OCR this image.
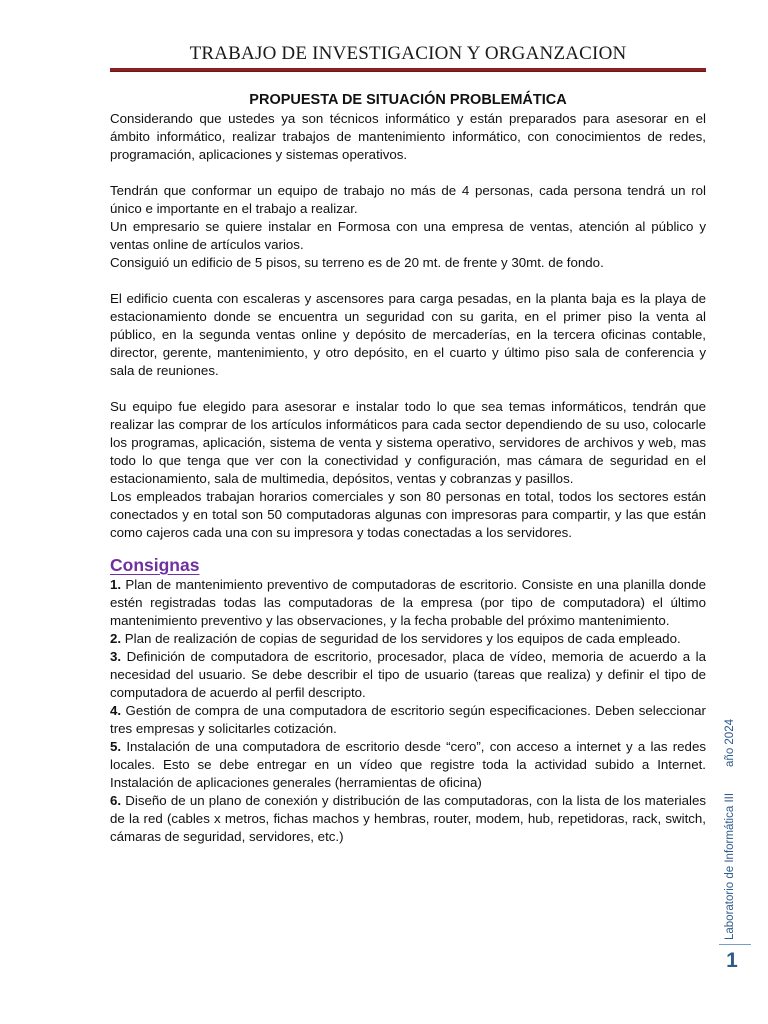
TRABAJO DE INVESTIGACION Y ORGANZACION
PROPUESTA DE SITUACIÓN PROBLEMÁTICA

Considerando que ustedes ya son técnicos informático y están preparados para asesorar en el ámbito informático, realizar trabajos de mantenimiento informático, con conocimientos de redes, programación, aplicaciones y sistemas operativos.

Tendrán que conformar un equipo de trabajo no más de 4 personas, cada persona tendrá un rol único e importante en el trabajo a realizar.

Un empresario se quiere instalar en Formosa con una empresa de ventas, atención al público y ventas online de artículos varios.

Consiguió un edificio de 5 pisos, su terreno es de 20 mt. de frente y 30mt. de fondo.

El edificio cuenta con escaleras y ascensores para carga pesadas, en la planta baja es la playa de estacionamiento donde se encuentra un seguridad con su garita, en el primer piso la venta al público, en la segunda ventas online y depósito de mercaderías, en la tercera oficinas contable, director, gerente, mantenimiento, y otro depósito, en el cuarto y último piso sala de conferencia y sala de reuniones.

Su equipo fue elegido para asesorar e instalar todo lo que sea temas informáticos, tendrán que realizar las comprar de los artículos informáticos para cada sector dependiendo de su uso, colocarle los programas, aplicación, sistema de venta y sistema operativo, servidores de archivos y web, mas todo lo que tenga que ver con la conectividad y configuración, mas cámara de seguridad en el estacionamiento, sala de multimedia, depósitos, ventas y cobranzas y pasillos.

Los empleados trabajan horarios comerciales y son 80 personas en total, todos los sectores están conectados y en total son 50 computadoras algunas con impresoras para compartir, y las que están como cajeros cada una con su impresora y todas conectadas a los servidores.

Consignas

1. Plan de mantenimiento preventivo de computadoras de escritorio. Consiste en una planilla donde estén registradas todas las computadoras de la empresa (por tipo de computadora) el último mantenimiento preventivo y las observaciones, y la fecha probable del próximo mantenimiento.

2. Plan de realización de copias de seguridad de los servidores y los equipos de cada empleado.

3. Definición de computadora de escritorio, procesador, placa de vídeo, memoria de acuerdo a la necesidad del usuario. Se debe describir el tipo de usuario (tareas que realiza) y definir el tipo de computadora de acuerdo al perfil descripto.

4. Gestión de compra de una computadora de escritorio según especificaciones. Deben seleccionar tres empresas y solicitarles cotización.

5. Instalación de una computadora de escritorio desde “cero”, con acceso a internet y a las redes locales. Esto se debe entregar en un vídeo que registre toda la actividad subido a Internet. Instalación de aplicaciones generales (herramientas de oficina)

6. Diseño de un plano de conexión y distribución de las computadoras, con la lista de los materiales de la red (cables x metros, fichas machos y hembras, router, modem, hub, repetidoras, rack, switch, cámaras de seguridad, servidores, etc.)	Laboratorio de Informática IIIaño 2024
1
